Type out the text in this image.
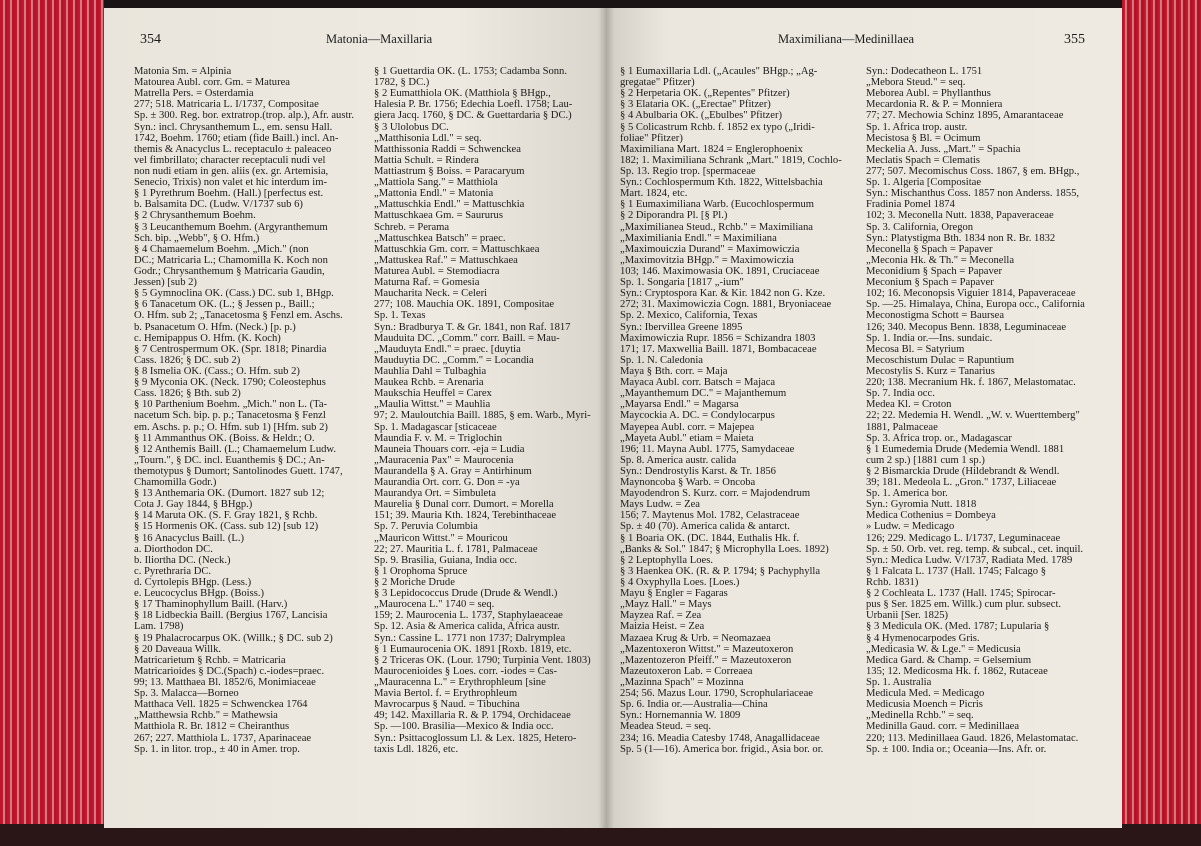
354	Matonia—Maxillaria
Matonia Sm. = Alpinia
Matourea Aubl. corr. Gm. = Maturea
Matrella Pers. = Osterdamia
277; 518. Matricaria L. I/1737, Compositae
Sp. ± 300. Reg. bor. extratrop.(trop. alp.), Afr. austr.
Syn.: incl. Chrysanthemum L., em. sensu Hall.
1742, Boehm. 1760; etiam (fide Baill.) incl. An-
themis & Anacyclus L. receptaculo ± paleaceo
vel fimbrillato; character receptaculi nudi vel
non nudi etiam in gen. aliis (ex. gr. Artemisia,
Senecio, Trixis) non valet et hic interdum im-
§ 1 Pyrethrum Boehm. (Hall.) [perfectus est.
b. Balsamita DC. (Ludw. V/1737 sub 6)
§ 2 Chrysanthemum Boehm.
§ 3 Leucanthemum Boehm. (Argyranthemum
Sch. bip. „Webb", § O. Hfm.)
§ 4 Chamaemelum Boehm. „Mich." (non
DC.; Matricaria L.; Chamomilla K. Koch non
Godr.; Chrysanthemum § Matricaria Gaudin,
Jessen) [sub 2)
§ 5 Gymnoclina OK. (Cass.) DC. sub 1, BHgp.
§ 6 Tanacetum OK. (L.; § Jessen p., Baill.;
O. Hfm. sub 2; „Tanacetosma § Fenzl em. Aschs.
b. Psanacetum O. Hfm. (Neck.) [p. p.)
c. Hemipappus O. Hfm. (K. Koch)
§ 7 Centrospermum OK. (Spr. 1818; Pinardia
Cass. 1826; § DC. sub 2)
§ 8 Ismelia OK. (Cass.; O. Hfm. sub 2)
§ 9 Myconia OK. (Neck. 1790; Coleostephus
Cass. 1826; § Bth. sub 2)
§ 10 Parthenium Boehm. „Mich." non L. (Ta-
nacetum Sch. bip. p. p.; Tanacetosma § Fenzl
em. Aschs. p. p.; O. Hfm. sub 1) [Hfm. sub 2)
§ 11 Ammanthus OK. (Boiss. & Heldr.; O.
§ 12 Anthemis Baill. (L.; Chamaemelum Ludw.
„Tourn.", § DC. incl. Euanthemis § DC.; An-
themotypus § Dumort; Santolinodes Guett. 1747,
Chamomilla Godr.)
§ 13 Anthemaria OK. (Dumort. 1827 sub 12;
Cota J. Gay 1844, § BHgp.)
§ 14 Maruta OK. (S. F. Gray 1821, § Rchb.
§ 15 Hormenis OK. (Cass. sub 12) [sub 12)
§ 16 Anacyclus Baill. (L.)
a. Diorthodon DC.
b. Iliortha DC. (Neck.)
c. Pyrethraria DC.
d. Cyrtolepis BHgp. (Less.)
e. Leucocyclus BHgp. (Boiss.)
§ 17 Thaminophyllum Baill. (Harv.)
§ 18 Lidbeckia Baill. (Bergius 1767, Lancisia
Lam. 1798)
§ 19 Phalacrocarpus OK. (Willk.; § DC. sub 2)
§ 20 Daveaua Willk.
Matricarietum § Rchb. = Matricaria
Matricarioides § DC.(Spach) c.-iodes=praec.
99; 13. Matthaea Bl. 1852/6, Monimiaceae
Sp. 3. Malacca—Borneo
Matthaca Vell. 1825 = Schwenckea 1764
„Matthewsia Rchb." = Mathewsia
Matthiola R. Br. 1812 = Cheiranthus
267; 227. Matthiola L. 1737, Aparinaceae
Sp. 1. in litor. trop., ± 40 in Amer. trop.
§ 1 Guettardia OK. (L. 1753; Cadamba Sonn.
1782, § DC.)
§ 2 Eumatthiola OK. (Matthiola § BHgp.,
Halesia P. Br. 1756; Edechia Loefl. 1758; Lau-
giera Jacq. 1760, § DC. & Guettardaria § DC.)
§ 3 Ulolobus DC.
„Matthisonia Ldl." = seq.
Matthissonia Raddi = Schwenckea
Mattia Schult. = Rindera
Mattiastrum § Boiss. = Paracaryum
„Mattiola Sang." = Matthiola
„Mattonia Endl." = Matonia
„Mattuschkia Endl." = Mattuschkia
Mattuschkaea Gm. = Saururus
Schreb. = Perama
„Mattuschkea Batsch" = praec.
Mattuschkia Gm. corr. = Mattuschkaea
„Mattuskea Raf." = Mattuschkaea
Maturea Aubl. = Stemodiacra
Maturna Raf. = Gomesia
Maucharita Neck. = Celeri
277; 108. Mauchia OK. 1891, Compositae
Sp. 1. Texas
Syn.: Bradburya T. & Gr. 1841, non Raf. 1817
Mauduita DC. „Comm." corr. Baill. = Mau-
„Mauduyta Endl." = praec. [duytia
Mauduytia DC. „Comm." = Locandia
Mauhlia Dahl = Tulbaghia
Maukea Rchb. = Arenaria
Maukschia Heuffel = Carex
„Maulia Wittst." = Mauhlia
97; 2. Mauloutchia Baill. 1885, § em. Warb., Myri-
Sp. 1. Madagascar [sticaceae
Maundia F. v. M. = Triglochin
Mauneia Thouars corr. -eja = Ludia
„Mauracenia Pax" = Maurocenia
Maurandella § A. Gray = Antirhinum
Maurandia Ort. corr. G. Don = -ya
Maurandya Ort. = Simbuleta
Maurelia § Dunal corr. Dumort. = Morella
151; 39. Mauria Kth. 1824, Terebinthaceae
Sp. 7. Peruvia Columbia
„Mauricon Wittst." = Mouricou
22; 27. Mauritia L. f. 1781, Palmaceae
Sp. 9. Brasilia, Guiana, India occ.
§ 1 Orophoma Spruce
§ 2 Moriche Drude
§ 3 Lepidococcus Drude (Drude & Wendl.)
„Maurocena L." 1740 = seq.
159; 2. Maurocenia L. 1737, Staphylaeaceae
Sp. 12. Asia & America calida, Africa austr.
Syn.: Cassine L. 1771 non 1737; Dalrymplea
§ 1 Eumaurocenia OK. 1891 [Roxb. 1819, etc.
§ 2 Triceras OK. (Lour. 1790; Turpinia Vent. 1803)
Maurocenioides § Loes. corr. -iodes = Cas-
„Mauracenna L." = Erythrophleum [sine
Mavia Bertol. f. = Erythrophleum
Mavrocarpus § Naud. = Tibuchina
49; 142. Maxillaria R. & P. 1794, Orchidaceae
Sp. —100. Brasilia—Mexico & India occ.
Syn.: Psittacoglossum Ll. & Lex. 1825, Hetero-
taxis Ldl. 1826, etc.
Maximiliana—Medinillaea	355
§ 1 Eumaxillaria Ldl. („Acaules" BHgp.; „Ag-
gregatae" Pfitzer)
§ 2 Herpetaria OK. („Repentes" Pfitzer)
§ 3 Elataria OK. („Erectae" Pfitzer)
§ 4 Abulbaria OK. („Ebulbes" Pfitzer)
§ 5 Colicastrum Rchb. f. 1852 ex typo („Iridi-
foliae" Pfitzer)
Maximiliana Mart. 1824 = Englerophoenix
182; 1. Maximiliana Schrank „Mart." 1819, Cochlo-
Sp. 13. Regio trop. [spermaceae
Syn.: Cochlospermum Kth. 1822, Wittelsbachia
Mart. 1824, etc.
§ 1 Eumaximiliana Warb. (Eucochlospermum
§ 2 Diporandra Pl. [§ Pl.)
„Maximilianea Steud., Rchb." = Maximiliana
„Maximiliania Endl." = Maximiliana
„Maximouiczia Durand" = Maximowiczia
„Maximovitzia BHgp." = Maximowiczia
103; 146. Maximowasia OK. 1891, Cruciaceae
Sp. 1. Songaria [1817 „-ium"
Syn.: Cryptospora Kar. & Kir. 1842 non G. Kze.
272; 31. Maximowiczia Cogn. 1881, Bryoniaceae
Sp. 2. Mexico, California, Texas
Syn.: Ibervillea Greene 1895
Maximowiczia Rupr. 1856 = Schizandra 1803
171; 17. Maxwellia Baill. 1871, Bombacaceae
Sp. 1. N. Caledonia
Maya § Bth. corr. = Maja
Mayaca Aubl. corr. Batsch = Majaca
„Mayanthemum DC." = Majanthemum
„Mayarsa Endl." = Magarsa
Maycockia A. DC. = Condylocarpus
Mayepea Aubl. corr. = Majepea
„Mayeta Aubl." etiam = Maieta
196; 11. Mayna Aubl. 1775, Samydaceae
Sp. 8. America austr. calida
Syn.: Dendrostylis Karst. & Tr. 1856
Maynoncoba § Warb. = Oncoba
Mayodendron S. Kurz. corr. = Majodendrum
Mays Ludw. = Zea
156; 7. Maytenus Mol. 1782, Celastraceae
Sp. ± 40 (70). America calida & antarct.
§ 1 Boaria OK. (DC. 1844, Euthalis Hk. f.
„Banks & Sol." 1847; § Microphylla Loes. 1892)
§ 2 Leptophylla Loes.
§ 3 Haenkea OK. (R. & P. 1794; § Pachyphylla
§ 4 Oxyphylla Loes. [Loes.)
Mayu § Engler = Fagaras
„Mayz Hall." = Mays
Mayzea Raf. = Zea
Maizia Heist. = Zea
Mazaea Krug & Urb. = Neomazaea
„Mazentoxeron Wittst." = Mazeutoxeron
„Mazentozeron Pfeiff." = Mazeutoxeron
Mazeutoxeron Lab. = Correaea
„Mazinna Spach" = Mozinna
254; 56. Mazus Lour. 1790, Scrophulariaceae
Sp. 6. India or.—Australia—China
Syn.: Hornemannia W. 1809
Meadea Steud. = seq.
234; 16. Meadia Catesby 1748, Anagallidaceae
Sp. 5 (1—16). America bor. frigid., Asia bor. or.
Syn.: Dodecatheon L. 1751
„Mebora Steud." = seq.
Meborea Aubl. = Phyllanthus
Mecardonia R. & P. = Monniera
77; 27. Mechowia Schinz 1895, Amarantaceae
Sp. 1. Africa trop. austr.
Mecistosa § Bl. = Ocimum
Meckelia A. Juss. „Mart." = Spachia
Meclatis Spach = Clematis
277; 507. Mecomischus Coss. 1867, § em. BHgp.,
Sp. 1. Algeria [Compositae
Syn.: Mischanthus Coss. 1857 non Anderss. 1855,
Fradinia Pomel 1874
102; 3. Meconella Nutt. 1838, Papaveraceae
Sp. 3. California, Oregon
Syn.: Platystigma Bth. 1834 non R. Br. 1832
Meconella § Spach = Papaver
„Meconia Hk. & Th." = Meconella
Meconidium § Spach = Papaver
Meconium § Spach = Papaver
102; 16. Meconopsis Viguier 1814, Papaveraceae
Sp. —25. Himalaya, China, Europa occ., California
Meconostigma Schott = Baursea
126; 340. Mecopus Benn. 1838, Leguminaceae
Sp. 1. India or.—Ins. sundaic.
Mecosa Bl. = Satyrium
Mecoschistum Dulac = Rapuntium
Mecostylis S. Kurz = Tanarius
220; 138. Mecranium Hk. f. 1867, Melastomatac.
Sp. 7. India occ.
Medea Kl. = Croton
22; 22. Medemia H. Wendl. „W. v. Wuerttemberg"
1881, Palmaceae
Sp. 3. Africa trop. or., Madagascar
§ 1 Eumedemia Drude (Medemia Wendl. 1881
cum 2 sp.) [1881 cum 1 sp.)
§ 2 Bismarckia Drude (Hildebrandt & Wendl.
39; 181. Medeola L. „Gron." 1737, Liliaceae
Sp. 1. America bor.
Syn.: Gyromia Nutt. 1818
Medica Cothenius = Dombeya
» Ludw. = Medicago
126; 229. Medicago L. I/1737, Leguminaceae
Sp. ± 50. Orb. vet. reg. temp. & subcal., cet. inquil.
Syn.: Medica Ludw. V/1737, Radiata Med. 1789
§ 1 Falcata L. 1737 (Hall. 1745; Falcago §
Rchb. 1831)
§ 2 Cochleata L. 1737 (Hall. 1745; Spirocar-
pus § Ser. 1825 em. Willk.) cum plur. subsect.
Urbanii [Ser. 1825)
§ 3 Medicula OK. (Med. 1787; Lupularia §
§ 4 Hymenocarpodes Gris.
„Medicasia W. & Lge." = Medicusia
Medica Gard. & Champ. = Gelsemium
135; 12. Medicosma Hk. f. 1862, Rutaceae
Sp. 1. Australia
Medicula Med. = Medicago
Medicusia Moench = Picris
„Medinella Rchb." = seq.
Medinilla Gaud. corr. = Medinillaea
220; 113. Medinillaea Gaud. 1826, Melastomatac.
Sp. ± 100. India or.; Oceania—Ins. Afr. or.
